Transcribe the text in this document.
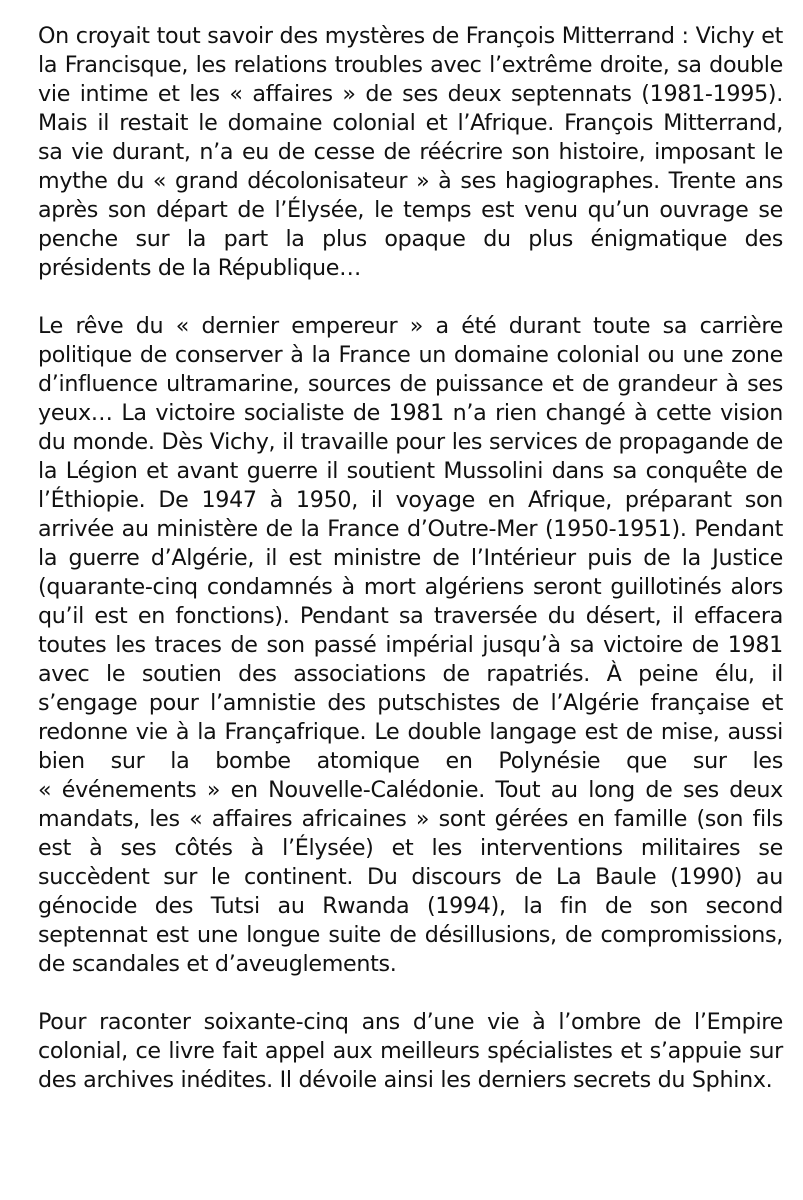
On croyait tout savoir des mystères de François Mitterrand : Vichy et la Francisque, les relations troubles avec l’extrême droite, sa double vie intime et les « affaires » de ses deux septennats (1981-1995). Mais il restait le domaine colonial et l’Afrique. François Mitterrand, sa vie durant, n’a eu de cesse de réécrire son histoire, imposant le mythe du « grand décolonisateur » à ses hagiographes. Trente ans après son départ de l’Élysée, le temps est venu qu’un ouvrage se penche sur la part la plus opaque du plus énigmatique des présidents de la République…

Le rêve du « dernier empereur » a été durant toute sa carrière politique de conserver à la France un domaine colonial ou une zone d’influence ultramarine, sources de puissance et de grandeur à ses yeux… La victoire socialiste de 1981 n’a rien changé à cette vision du monde. Dès Vichy, il travaille pour les services de propagande de la Légion et avant guerre il soutient Mussolini dans sa conquête de l’Éthiopie. De 1947 à 1950, il voyage en Afrique, préparant son arrivée au ministère de la France d’Outre-Mer (1950-1951). Pendant la guerre d’Algérie, il est ministre de l’Intérieur puis de la Justice (quarante-cinq condamnés à mort algériens seront guillotinés alors qu’il est en fonctions). Pendant sa traversée du désert, il effacera toutes les traces de son passé impérial jusqu’à sa victoire de 1981 avec le soutien des associations de rapatriés. À peine élu, il s’engage pour l’amnistie des putschistes de l’Algérie française et redonne vie à la Françafrique. Le double langage est de mise, aussi bien sur la bombe atomique en Polynésie que sur les « événements » en Nouvelle-Calédonie. Tout au long de ses deux mandats, les « affaires africaines » sont gérées en famille (son fils est à ses côtés à l’Élysée) et les interventions militaires se succèdent sur le continent. Du discours de La Baule (1990) au génocide des Tutsi au Rwanda (1994), la fin de son second septennat est une longue suite de désillusions, de compromissions, de scandales et d’aveuglements.

Pour raconter soixante-cinq ans d’une vie à l’ombre de l’Empire colonial, ce livre fait appel aux meilleurs spécialistes et s’appuie sur des archives inédites. Il dévoile ainsi les derniers secrets du Sphinx.
